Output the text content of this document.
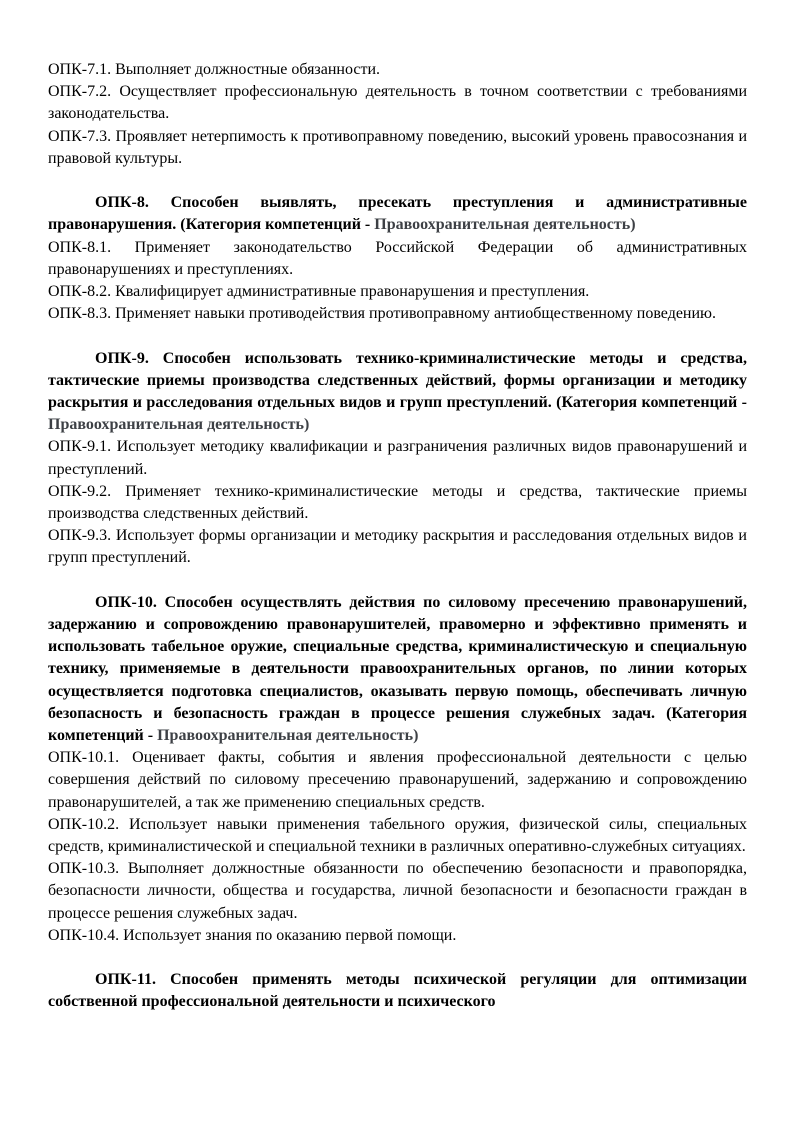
ОПК-7.1. Выполняет должностные обязанности.

ОПК-7.2. Осуществляет профессиональную деятельность в точном соответствии с требованиями законодательства.

ОПК-7.3. Проявляет нетерпимость к противоправному поведению, высокий уровень правосознания и правовой культуры.

ОПК-8. Способен выявлять, пресекать преступления и административные правонарушения. (Категория компетенций - Правоохранительная деятельность)

ОПК-8.1. Применяет законодательство Российской Федерации об административных правонарушениях и преступлениях.

ОПК-8.2. Квалифицирует административные правонарушения и преступления.

ОПК-8.3. Применяет навыки противодействия противоправному антиобщественному поведению.

ОПК-9. Способен использовать технико-криминалистические методы и средства, тактические приемы производства следственных действий, формы организации и методику раскрытия и расследования отдельных видов и групп преступлений. (Категория компетенций - Правоохранительная деятельность)

ОПК-9.1. Использует методику квалификации и разграничения различных видов правонарушений и преступлений.

ОПК-9.2. Применяет технико-криминалистические методы и средства, тактические приемы производства следственных действий.

ОПК-9.3. Использует формы организации и методику раскрытия и расследования отдельных видов и групп преступлений.

ОПК-10. Способен осуществлять действия по силовому пресечению правонарушений, задержанию и сопровождению правонарушителей, правомерно и эффективно применять и использовать табельное оружие, специальные средства, криминалистическую и специальную технику, применяемые в деятельности правоохранительных органов, по линии которых осуществляется подготовка специалистов, оказывать первую помощь, обеспечивать личную безопасность и безопасность граждан в процессе решения служебных задач. (Категория компетенций - Правоохранительная деятельность)

ОПК-10.1. Оценивает факты, события и явления профессиональной деятельности с целью совершения действий по силовому пресечению правонарушений, задержанию и сопровождению правонарушителей, а так же применению специальных средств.

ОПК-10.2. Использует навыки применения табельного оружия, физической силы, специальных средств, криминалистической и специальной техники в различных оперативно-служебных ситуациях.

ОПК-10.3. Выполняет должностные обязанности по обеспечению безопасности и правопорядка, безопасности личности, общества и государства, личной безопасности и безопасности граждан в процессе решения служебных задач.

ОПК-10.4. Использует знания по оказанию первой помощи.

ОПК-11. Способен применять методы психической регуляции для оптимизации собственной профессиональной деятельности и психического
